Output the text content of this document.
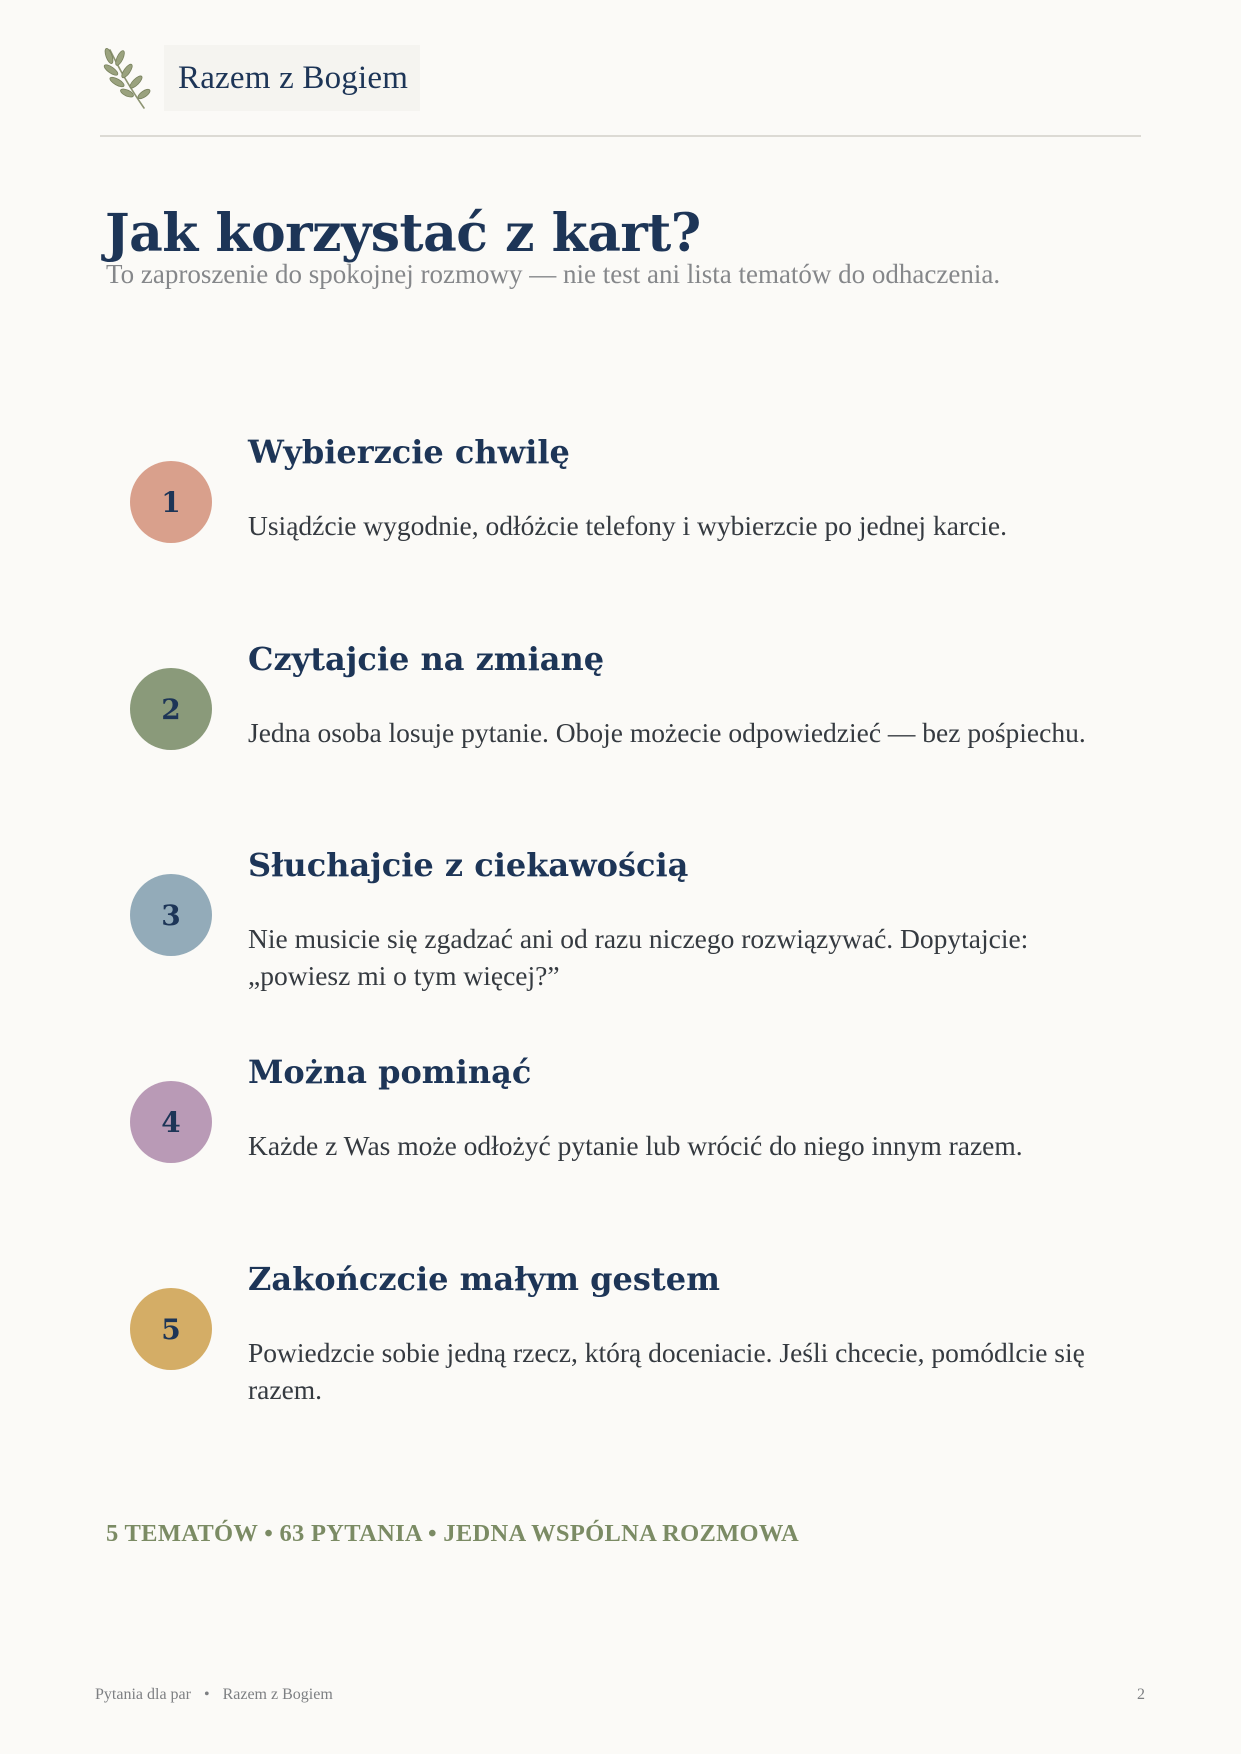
Razem z Bogiem
Jak korzystać z kart?

To zaproszenie do spokojnej rozmowy — nie test ani lista tematów do odhaczenia.

1
Wybierzcie chwilę

Usiądźcie wygodnie, odłóżcie telefony i wybierzcie po jednej karcie.

2
Czytajcie na zmianę

Jedna osoba losuje pytanie. Oboje możecie odpowiedzieć — bez pośpiechu.

3
Słuchajcie z ciekawością

Nie musicie się zgadzać ani od razu niczego rozwiązywać. Dopytajcie: „powiesz mi o tym więcej?”

4
Można pominąć

Każde z Was może odłożyć pytanie lub wrócić do niego innym razem.

5
Zakończcie małym gestem

Powiedzcie sobie jedną rzecz, którą doceniacie. Jeśli chcecie, pomódlcie się razem.

5 TEMATÓW • 63 PYTANIA • JEDNA WSPÓLNA ROZMOWA
Pytania dla par • Razem z Bogiem	2
